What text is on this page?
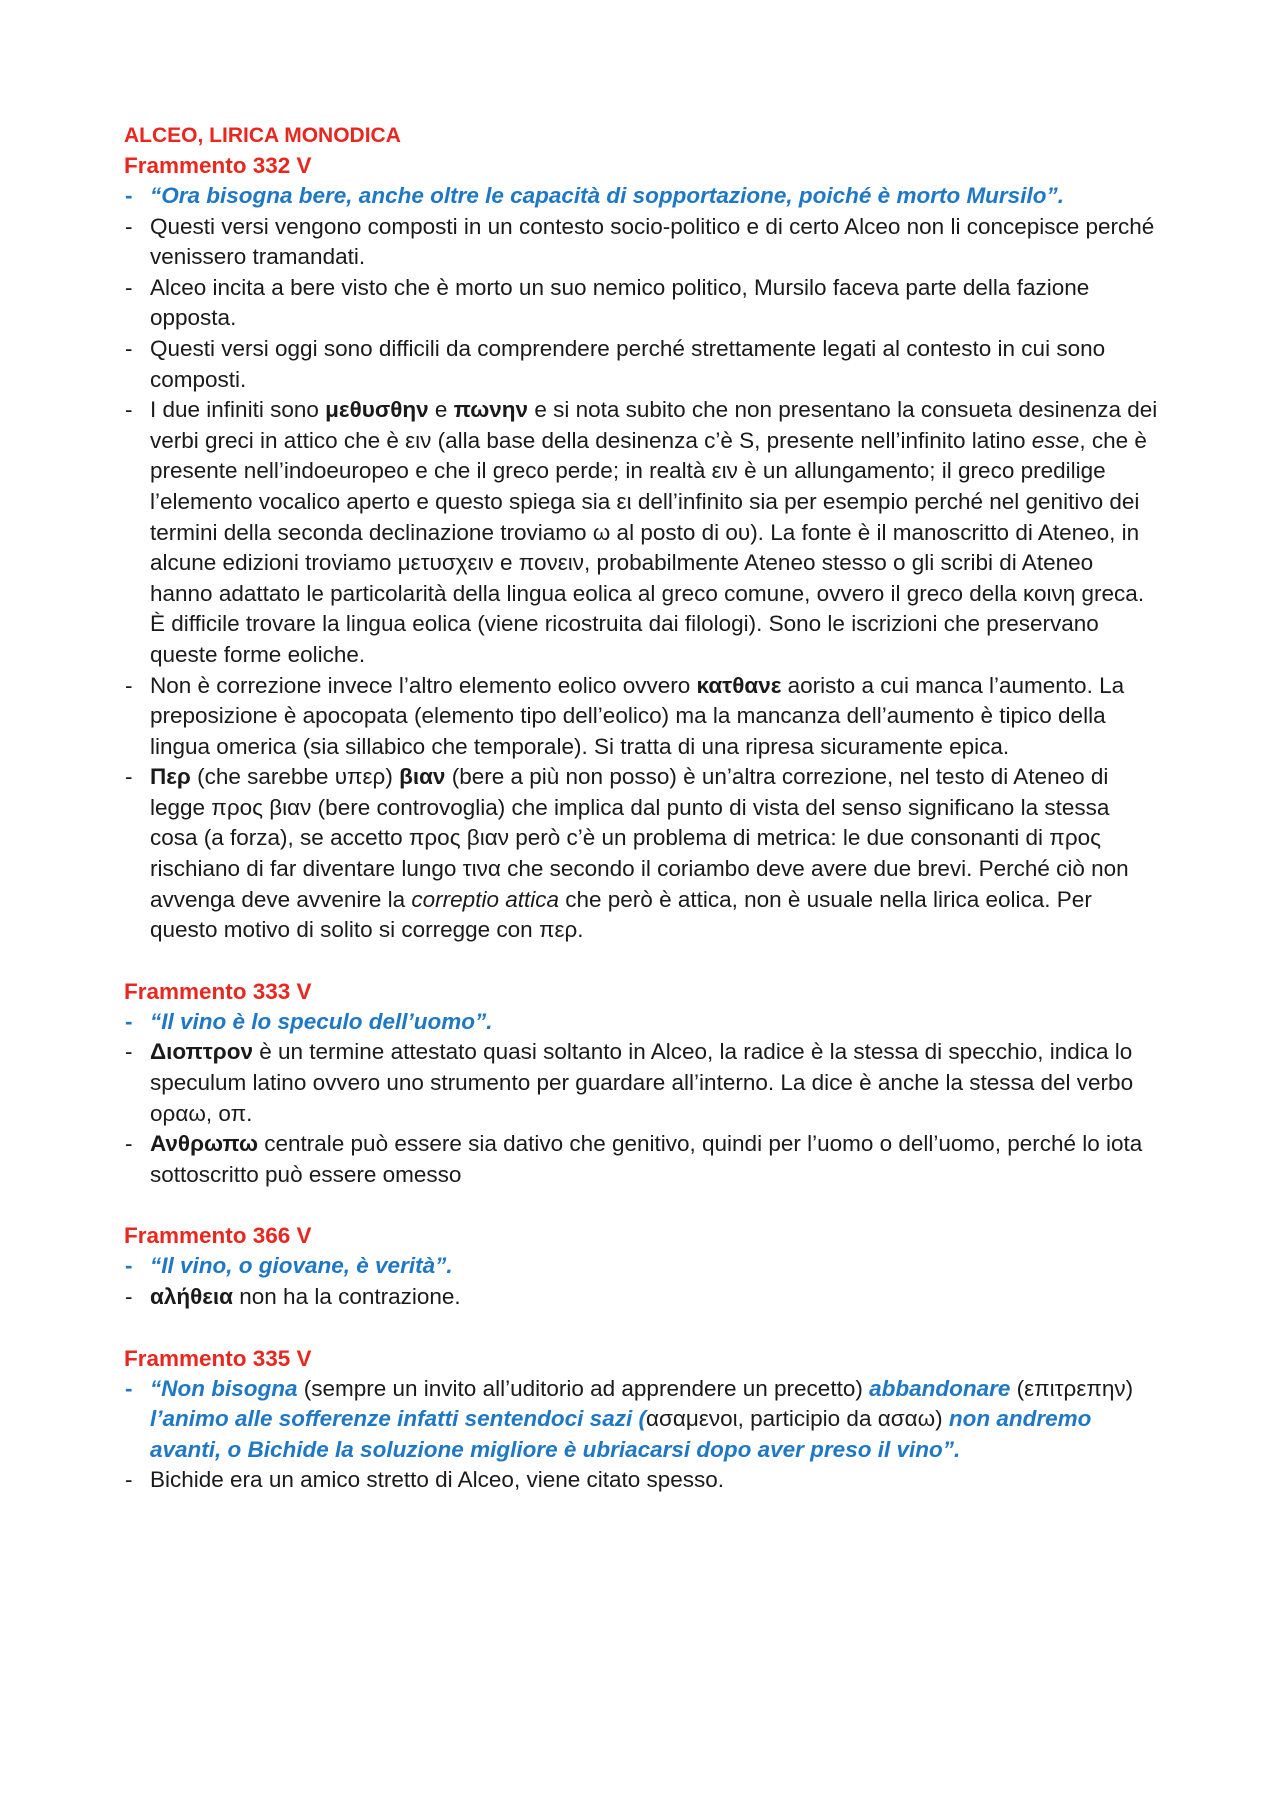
ALCEO, LIRICA MONODICA
Frammento 332 V
- “Ora bisogna bere, anche oltre le capacità di sopportazione, poiché è morto Mursilo”.
- Questi versi vengono composti in un contesto socio-politico e di certo Alceo non li concepisce perché venissero tramandati.
- Alceo incita a bere visto che è morto un suo nemico politico, Mursilo faceva parte della fazione opposta.
- Questi versi oggi sono difficili da comprendere perché strettamente legati al contesto in cui sono composti.
- I due infiniti sono μεθυσθην e πωνην e si nota subito che non presentano la consueta desinenza dei verbi greci in attico che è ειν (alla base della desinenza c’è S, presente nell’infinito latino esse, che è presente nell’indoeuropeo e che il greco perde; in realtà ειν è un allungamento; il greco predilige l’elemento vocalico aperto e questo spiega sia ει dell’infinito sia per esempio perché nel genitivo dei termini della seconda declinazione troviamo ω al posto di ου). La fonte è il manoscritto di Ateneo, in alcune edizioni troviamo μετυσχειν e πονειν, probabilmente Ateneo stesso o gli scribi di Ateneo hanno adattato le particolarità della lingua eolica al greco comune, ovvero il greco della κοινη greca. È difficile trovare la lingua eolica (viene ricostruita dai filologi). Sono le iscrizioni che preservano queste forme eoliche.
- Non è correzione invece l’altro elemento eolico ovvero κατθανε aoristo a cui manca l’aumento. La preposizione è apocopata (elemento tipo dell’eolico) ma la mancanza dell’aumento è tipico della lingua omerica (sia sillabico che temporale). Si tratta di una ripresa sicuramente epica.
- Περ (che sarebbe υπερ) βιαν (bere a più non posso) è un’altra correzione, nel testo di Ateneo di legge προς βιαν (bere controvoglia) che implica dal punto di vista del senso significano la stessa cosa (a forza), se accetto προς βιαν però c’è un problema di metrica: le due consonanti di προς rischiano di far diventare lungo τινα che secondo il coriambo deve avere due brevi. Perché ciò non avvenga deve avvenire la correptio attica che però è attica, non è usuale nella lirica eolica. Per questo motivo di solito si corregge con περ.
Frammento 333 V
- “Il vino è lo speculo dell’uomo”.
- Διοπτρον è un termine attestato quasi soltanto in Alceo, la radice è la stessa di specchio, indica lo speculum latino ovvero uno strumento per guardare all’interno. La dice è anche la stessa del verbo οραω, οπ.
- Ανθρωπω centrale può essere sia dativo che genitivo, quindi per l’uomo o dell’uomo, perché lo iota sottoscritto può essere omesso
Frammento 366 V
- “Il vino, o giovane, è verità”.
- αλήθεια non ha la contrazione.
Frammento 335 V
- “Non bisogna (sempre un invito all’uditorio ad apprendere un precetto) abbandonare (επιτρεπην) l’animo alle sofferenze infatti sentendoci sazi (ασαμενοι, participio da ασαω) non andremo avanti, o Bichide la soluzione migliore è ubriacarsi dopo aver preso il vino”.
- Bichide era un amico stretto di Alceo, viene citato spesso.
